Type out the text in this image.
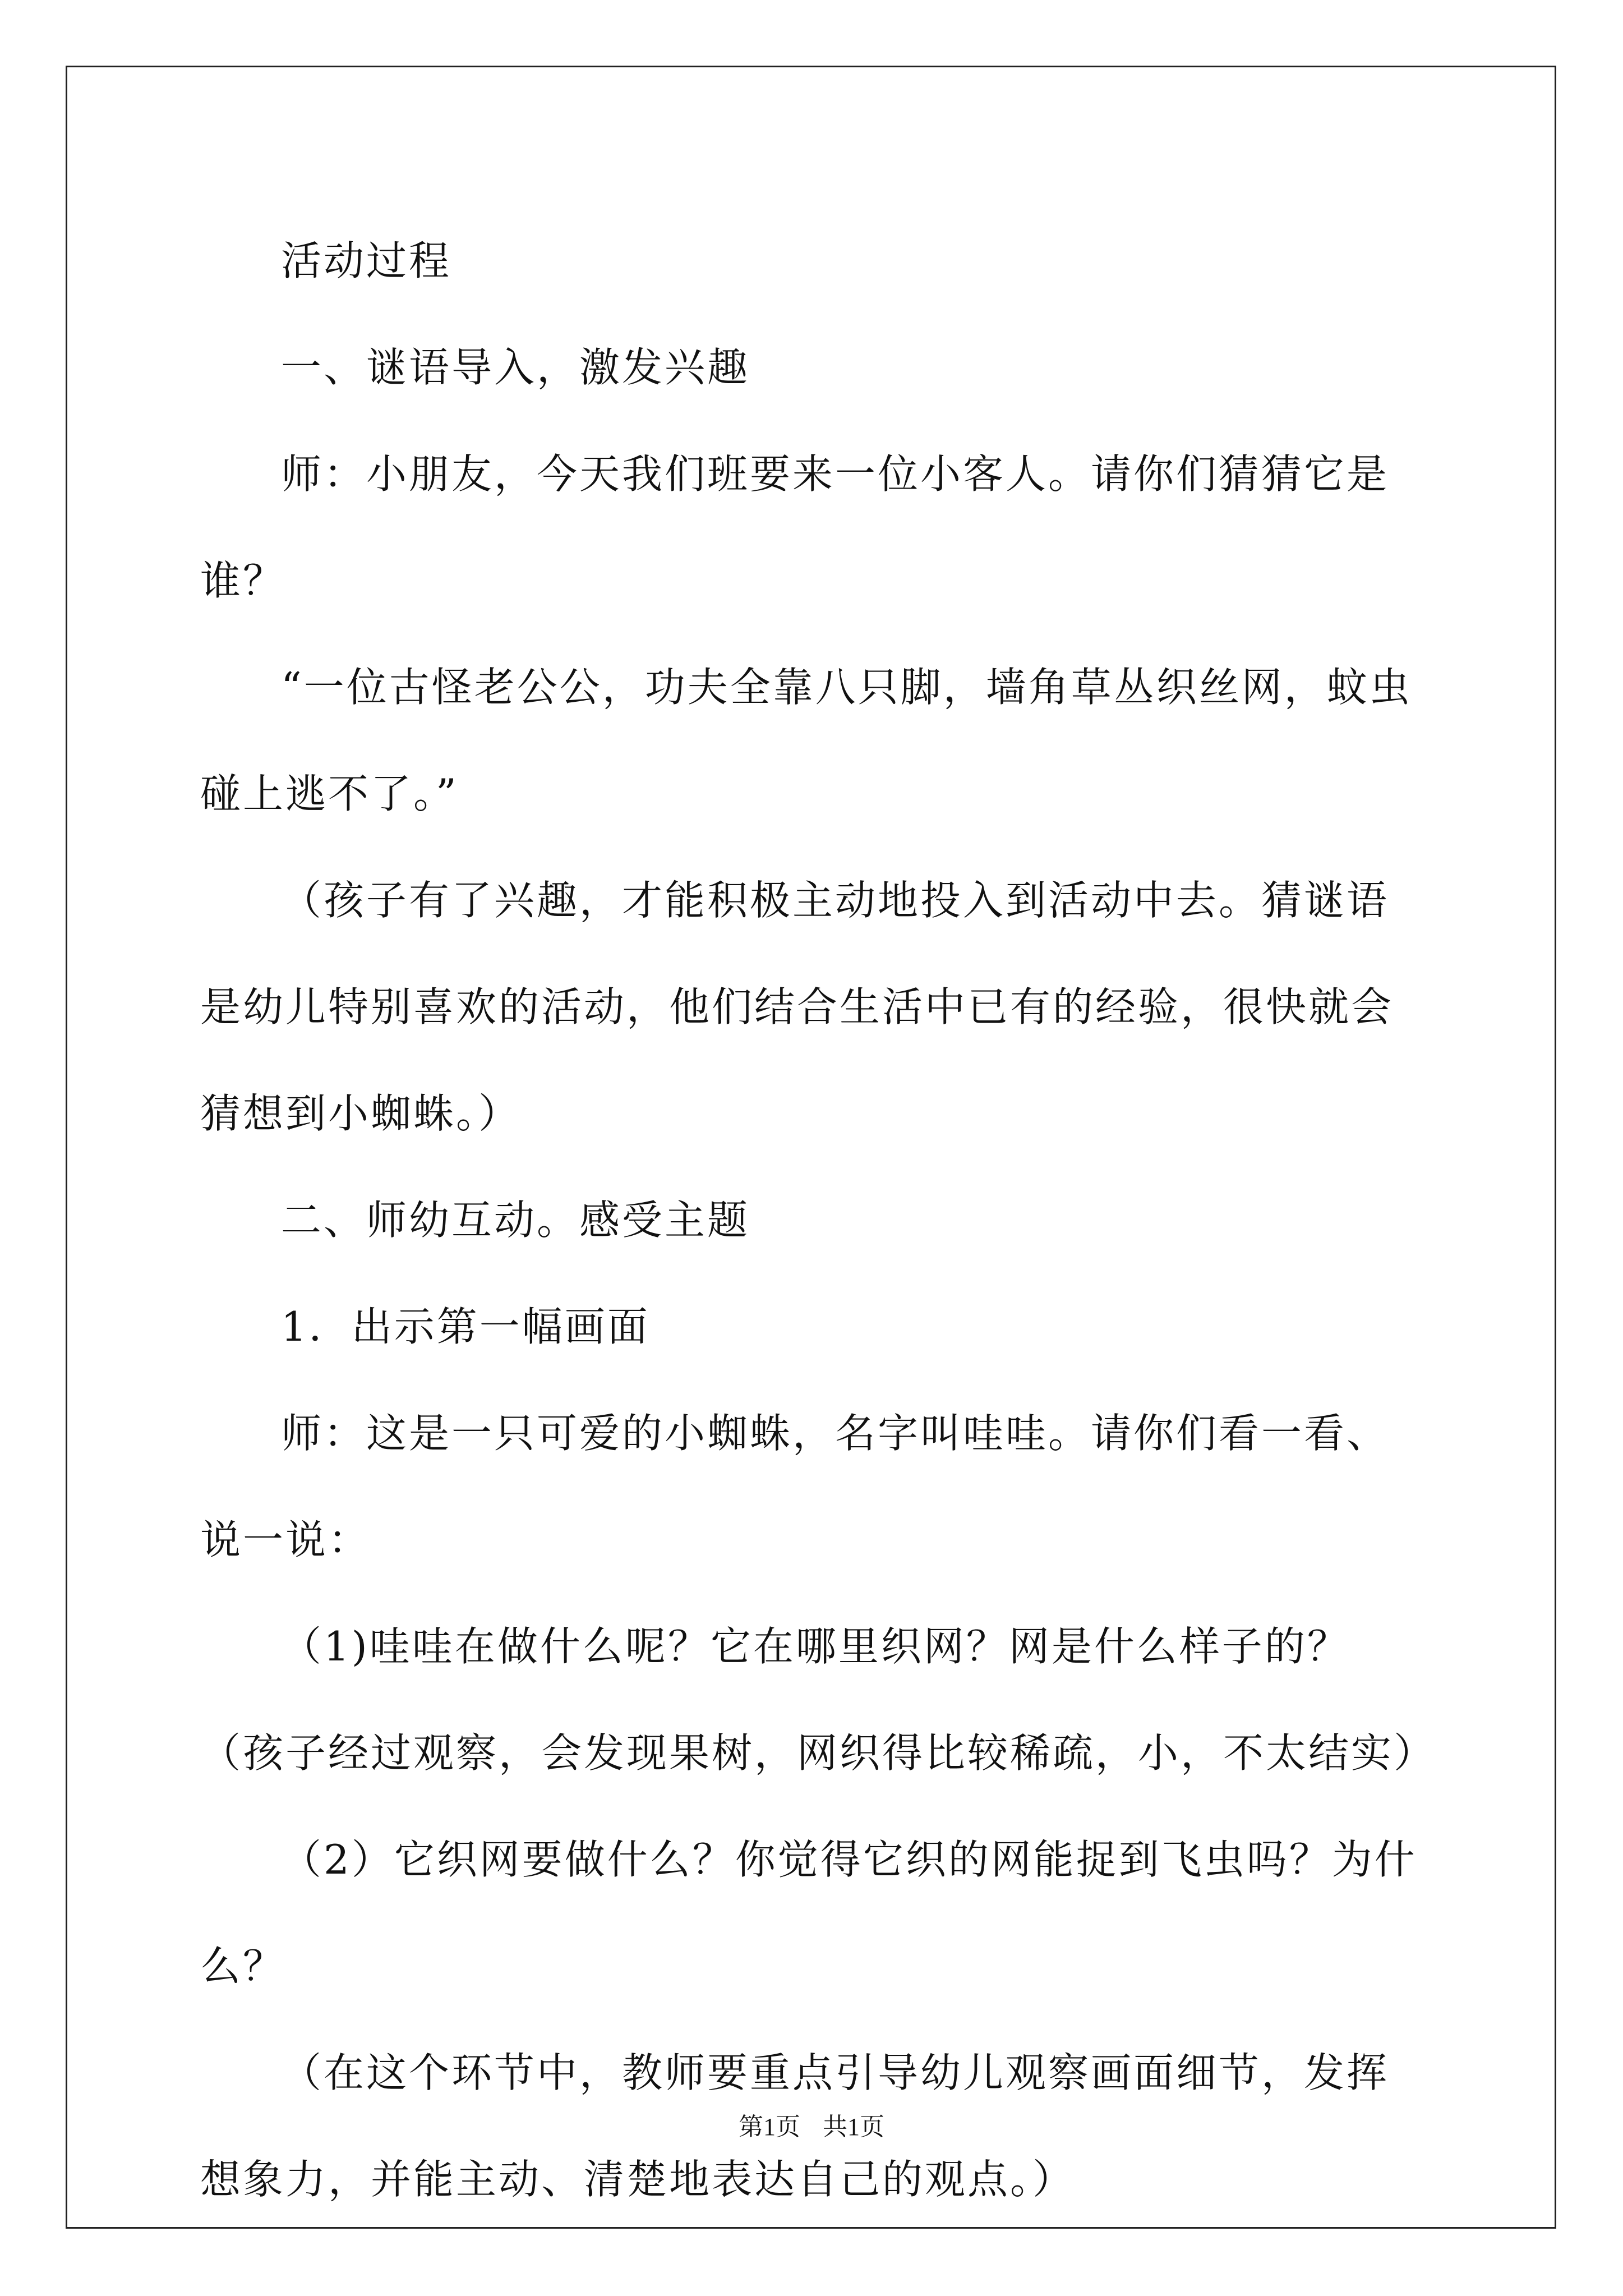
活动过程

一、谜语导入，激发兴趣

师：小朋友，今天我们班要来一位小客人。请你们猜猜它是谁？

“一位古怪老公公，功夫全靠八只脚，墙角草丛织丝网，蚊虫碰上逃不了。”

（孩子有了兴趣，才能积极主动地投入到活动中去。猜谜语是幼儿特别喜欢的活动，他们结合生活中已有的经验，很快就会猜想到小蜘蛛。）

二、师幼互动。感受主题

1．出示第一幅画面

师：这是一只可爱的小蜘蛛，名字叫哇哇。请你们看一看、说一说：

（1)哇哇在做什么呢？它在哪里织网？网是什么样子的？（孩子经过观察，会发现果树，网织得比较稀疏，小，不太结实）

（2）它织网要做什么？你觉得它织的网能捉到飞虫吗？为什么？

（在这个环节中，教师要重点引导幼儿观察画面细节，发挥想象力，并能主动、清楚地表达自己的观点。）

第1页 共1页
